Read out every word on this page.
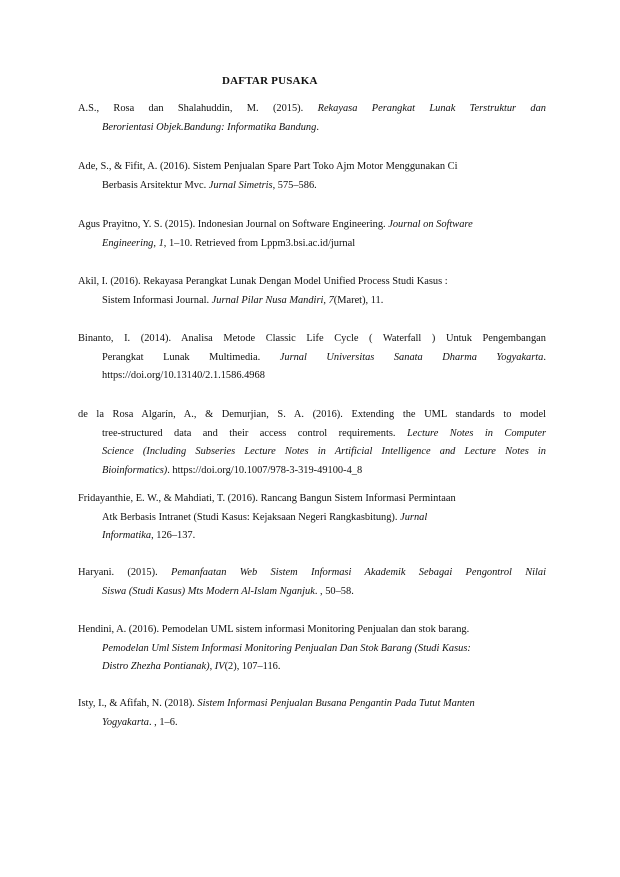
DAFTAR PUSAKA
A.S., Rosa dan Shalahuddin, M. (2015). Rekayasa Perangkat Lunak Terstruktur dan
Berorientasi Objek.Bandung: Informatika Bandung.
Ade, S., & Fifit, A. (2016). Sistem Penjualan Spare Part Toko Ajm Motor Menggunakan Ci
Berbasis Arsitektur Mvc. Jurnal Simetris, 575–586.
Agus Prayitno, Y. S. (2015). Indonesian Journal on Software Engineering. Journal on Software
Engineering, 1, 1–10. Retrieved from Lppm3.bsi.ac.id/jurnal
Akil, I. (2016). Rekayasa Perangkat Lunak Dengan Model Unified Process Studi Kasus :
Sistem Informasi Journal. Jurnal Pilar Nusa Mandiri, 7(Maret), 11.
Binanto, I. (2014). Analisa Metode Classic Life Cycle ( Waterfall ) Untuk Pengembangan
Perangkat Lunak Multimedia. Jurnal Universitas Sanata Dharma Yogyakarta.
https://doi.org/10.13140/2.1.1586.4968
de la Rosa Algarín, A., & Demurjian, S. A. (2016). Extending the UML standards to model
tree-structured data and their access control requirements. Lecture Notes in Computer
Science (Including Subseries Lecture Notes in Artificial Intelligence and Lecture Notes in
Bioinformatics). https://doi.org/10.1007/978-3-319-49100-4_8
Fridayanthie, E. W., & Mahdiati, T. (2016). Rancang Bangun Sistem Informasi Permintaan
Atk Berbasis Intranet (Studi Kasus: Kejaksaan Negeri Rangkasbitung). Jurnal
Informatika, 126–137.
Haryani. (2015). Pemanfaatan Web Sistem Informasi Akademik Sebagai Pengontrol Nilai
Siswa (Studi Kasus) Mts Modern Al-Islam Nganjuk. , 50–58.
Hendini, A. (2016). Pemodelan UML sistem informasi Monitoring Penjualan dan stok barang.
Pemodelan Uml Sistem Informasi Monitoring Penjualan Dan Stok Barang (Studi Kasus:
Distro Zhezha Pontianak), IV(2), 107–116.
Isty, I., & Afifah, N. (2018). Sistem Informasi Penjualan Busana Pengantin Pada Tutut Manten
Yogyakarta. , 1–6.
